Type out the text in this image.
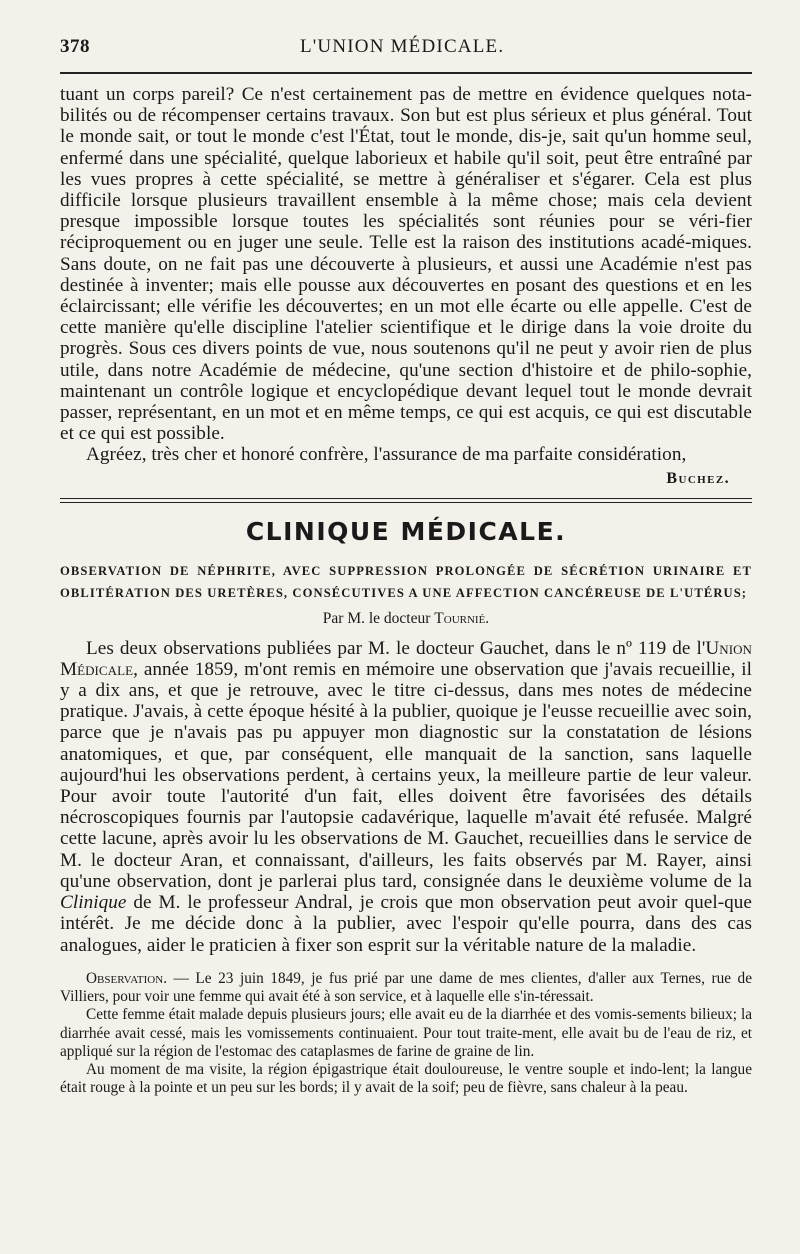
378	L'UNION MÉDICALE.

tuant un corps pareil? Ce n'est certainement pas de mettre en évidence quelques nota-bilités ou de récompenser certains travaux. Son but est plus sérieux et plus général. Tout le monde sait, or tout le monde c'est l'État, tout le monde, dis-je, sait qu'un homme seul, enfermé dans une spécialité, quelque laborieux et habile qu'il soit, peut être entraîné par les vues propres à cette spécialité, se mettre à généraliser et s'égarer. Cela est plus difficile lorsque plusieurs travaillent ensemble à la même chose; mais cela devient presque impossible lorsque toutes les spécialités sont réunies pour se véri-fier réciproquement ou en juger une seule. Telle est la raison des institutions acadé-miques. Sans doute, on ne fait pas une découverte à plusieurs, et aussi une Académie n'est pas destinée à inventer; mais elle pousse aux découvertes en posant des questions et en les éclaircissant; elle vérifie les découvertes; en un mot elle écarte ou elle appelle. C'est de cette manière qu'elle discipline l'atelier scientifique et le dirige dans la voie droite du progrès. Sous ces divers points de vue, nous soutenons qu'il ne peut y avoir rien de plus utile, dans notre Académie de médecine, qu'une section d'histoire et de philo-sophie, maintenant un contrôle logique et encyclopédique devant lequel tout le monde devrait passer, représentant, en un mot et en même temps, ce qui est acquis, ce qui est discutable et ce qui est possible.

Agréez, très cher et honoré confrère, l'assurance de ma parfaite considération,

Buchez.
CLINIQUE MÉDICALE.

OBSERVATION DE NÉPHRITE, AVEC SUPPRESSION PROLONGÉE DE SÉCRÉTION URINAIRE ET OBLITÉRATION DES URETÈRES, CONSÉCUTIVES A UNE AFFECTION CANCÉREUSE DE L'UTÉRUS;

Par M. le docteur Tournié.

Les deux observations publiées par M. le docteur Gauchet, dans le nº 119 de l'Union Médicale, année 1859, m'ont remis en mémoire une observation que j'avais recueillie, il y a dix ans, et que je retrouve, avec le titre ci-dessus, dans mes notes de médecine pratique. J'avais, à cette époque hésité à la publier, quoique je l'eusse recueillie avec soin, parce que je n'avais pas pu appuyer mon diagnostic sur la constatation de lésions anatomiques, et que, par conséquent, elle manquait de la sanction, sans laquelle aujourd'hui les observations perdent, à certains yeux, la meilleure partie de leur valeur. Pour avoir toute l'autorité d'un fait, elles doivent être favorisées des détails nécroscopiques fournis par l'autopsie cadavérique, laquelle m'avait été refusée. Malgré cette lacune, après avoir lu les observations de M. Gauchet, recueillies dans le service de M. le docteur Aran, et connaissant, d'ailleurs, les faits observés par M. Rayer, ainsi qu'une observation, dont je parlerai plus tard, consignée dans le deuxième volume de la Clinique de M. le professeur Andral, je crois que mon observation peut avoir quel-que intérêt. Je me décide donc à la publier, avec l'espoir qu'elle pourra, dans des cas analogues, aider le praticien à fixer son esprit sur la véritable nature de la maladie.

Observation. — Le 23 juin 1849, je fus prié par une dame de mes clientes, d'aller aux Ternes, rue de Villiers, pour voir une femme qui avait été à son service, et à laquelle elle s'in-téressait.

Cette femme était malade depuis plusieurs jours; elle avait eu de la diarrhée et des vomis-sements bilieux; la diarrhée avait cessé, mais les vomissements continuaient. Pour tout traite-ment, elle avait bu de l'eau de riz, et appliqué sur la région de l'estomac des cataplasmes de farine de graine de lin.

Au moment de ma visite, la région épigastrique était douloureuse, le ventre souple et indo-lent; la langue était rouge à la pointe et un peu sur les bords; il y avait de la soif; peu de fièvre, sans chaleur à la peau.
